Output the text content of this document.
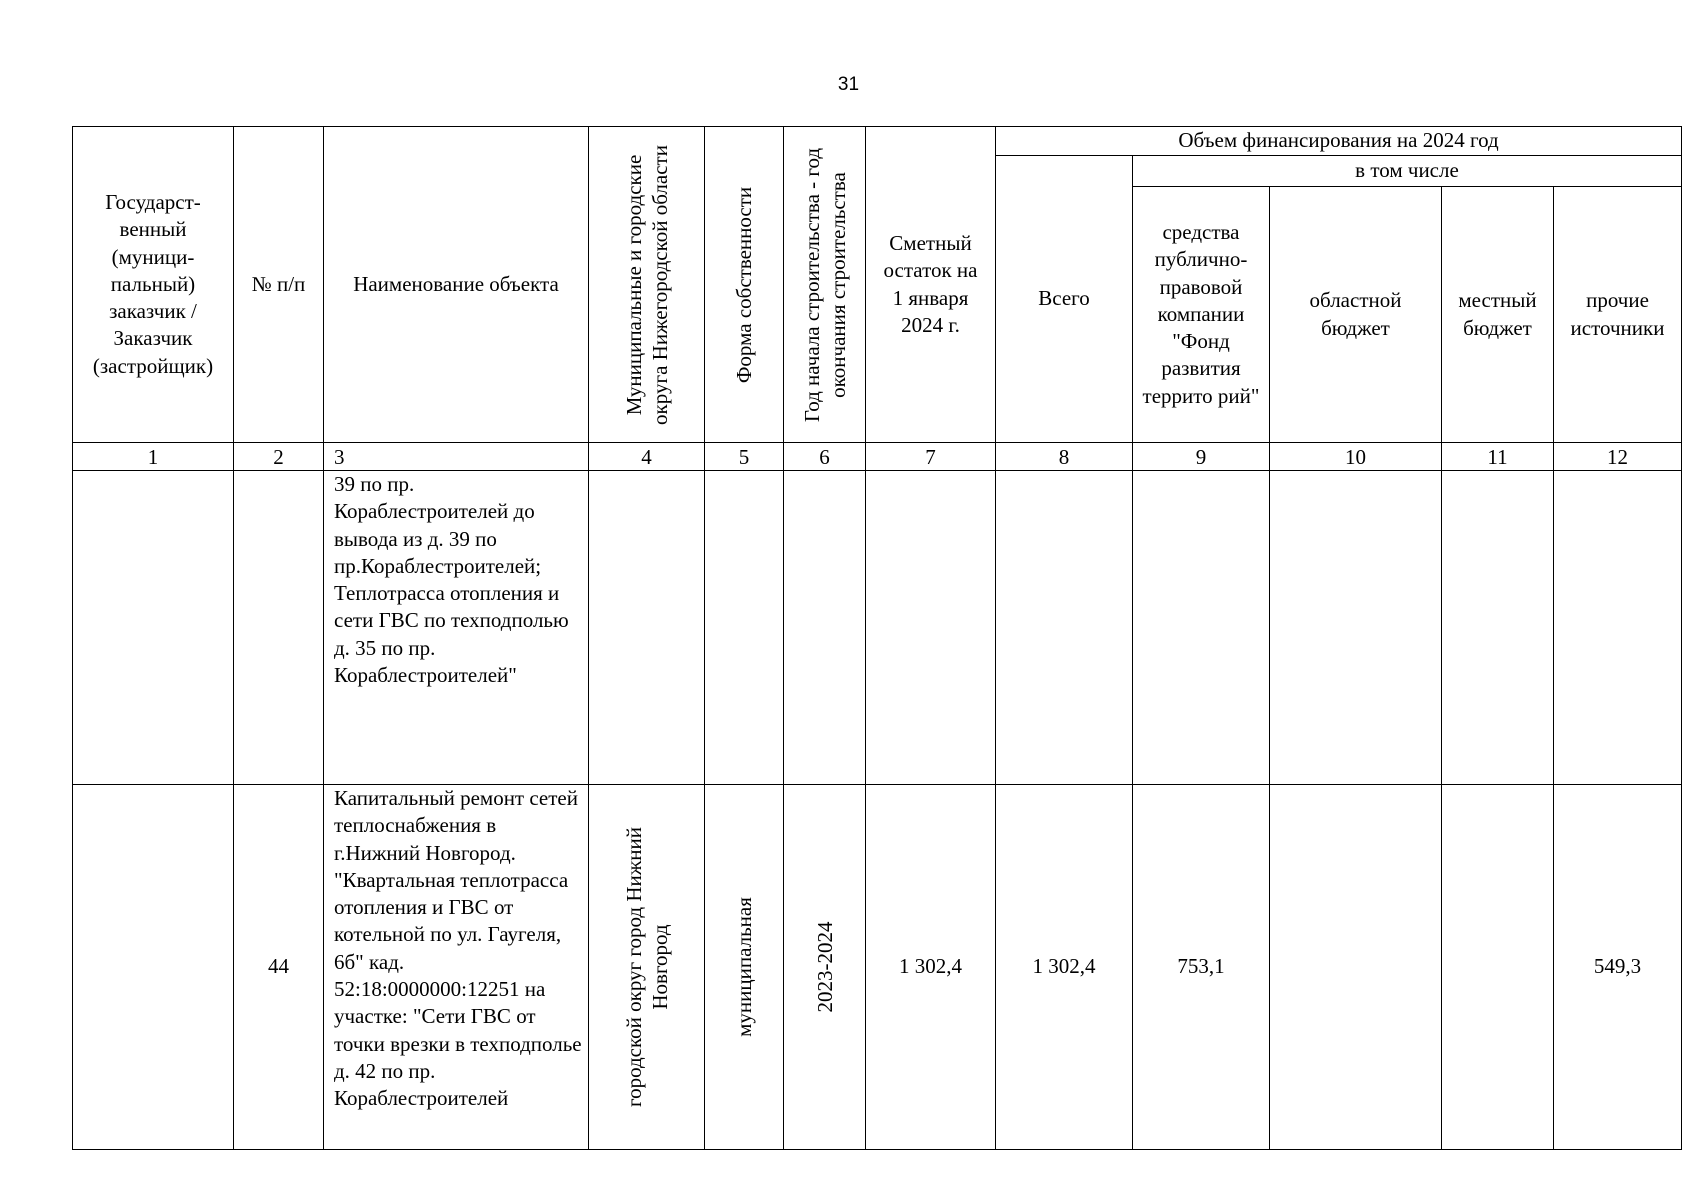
31
Государст-венный (муници-пальный) заказчик / Заказчик (застройщик)	№ п/п	Наименование объекта	Муниципальные и городские округа Нижегородской области	Форма собственности	Год начала строительства - год окончания строительства	Сметный остаток на 1 января 2024 г.	Объем финансирования на 2024 год				
							Всего	в том числе			
								средства публично-правовой компании "Фонд развития террито рий"	областной бюджет	местный бюджет	прочие источники
1	2	3	4	5	6	7	8	9	10	11	12
		39 по пр. Кораблестроителей до вывода из д. 39 по пр.Кораблестроителей; Теплотрасса отопления и сети ГВС по техподполью д. 35 по пр. Кораблестроителей"									
	44	Капитальный ремонт сетей теплоснабжения в г.Нижний Новгород. "Квартальная теплотрасса отопления и ГВС от котельной по ул. Гаугеля, 6б" кад. 52:18:0000000:12251 на участке: "Сети ГВС от точки врезки в техподполье д. 42 по пр. Кораблестроителей	городской округ город Нижний Новгород	муниципальная	2023-2024	1 302,4	1 302,4	753,1			549,3
